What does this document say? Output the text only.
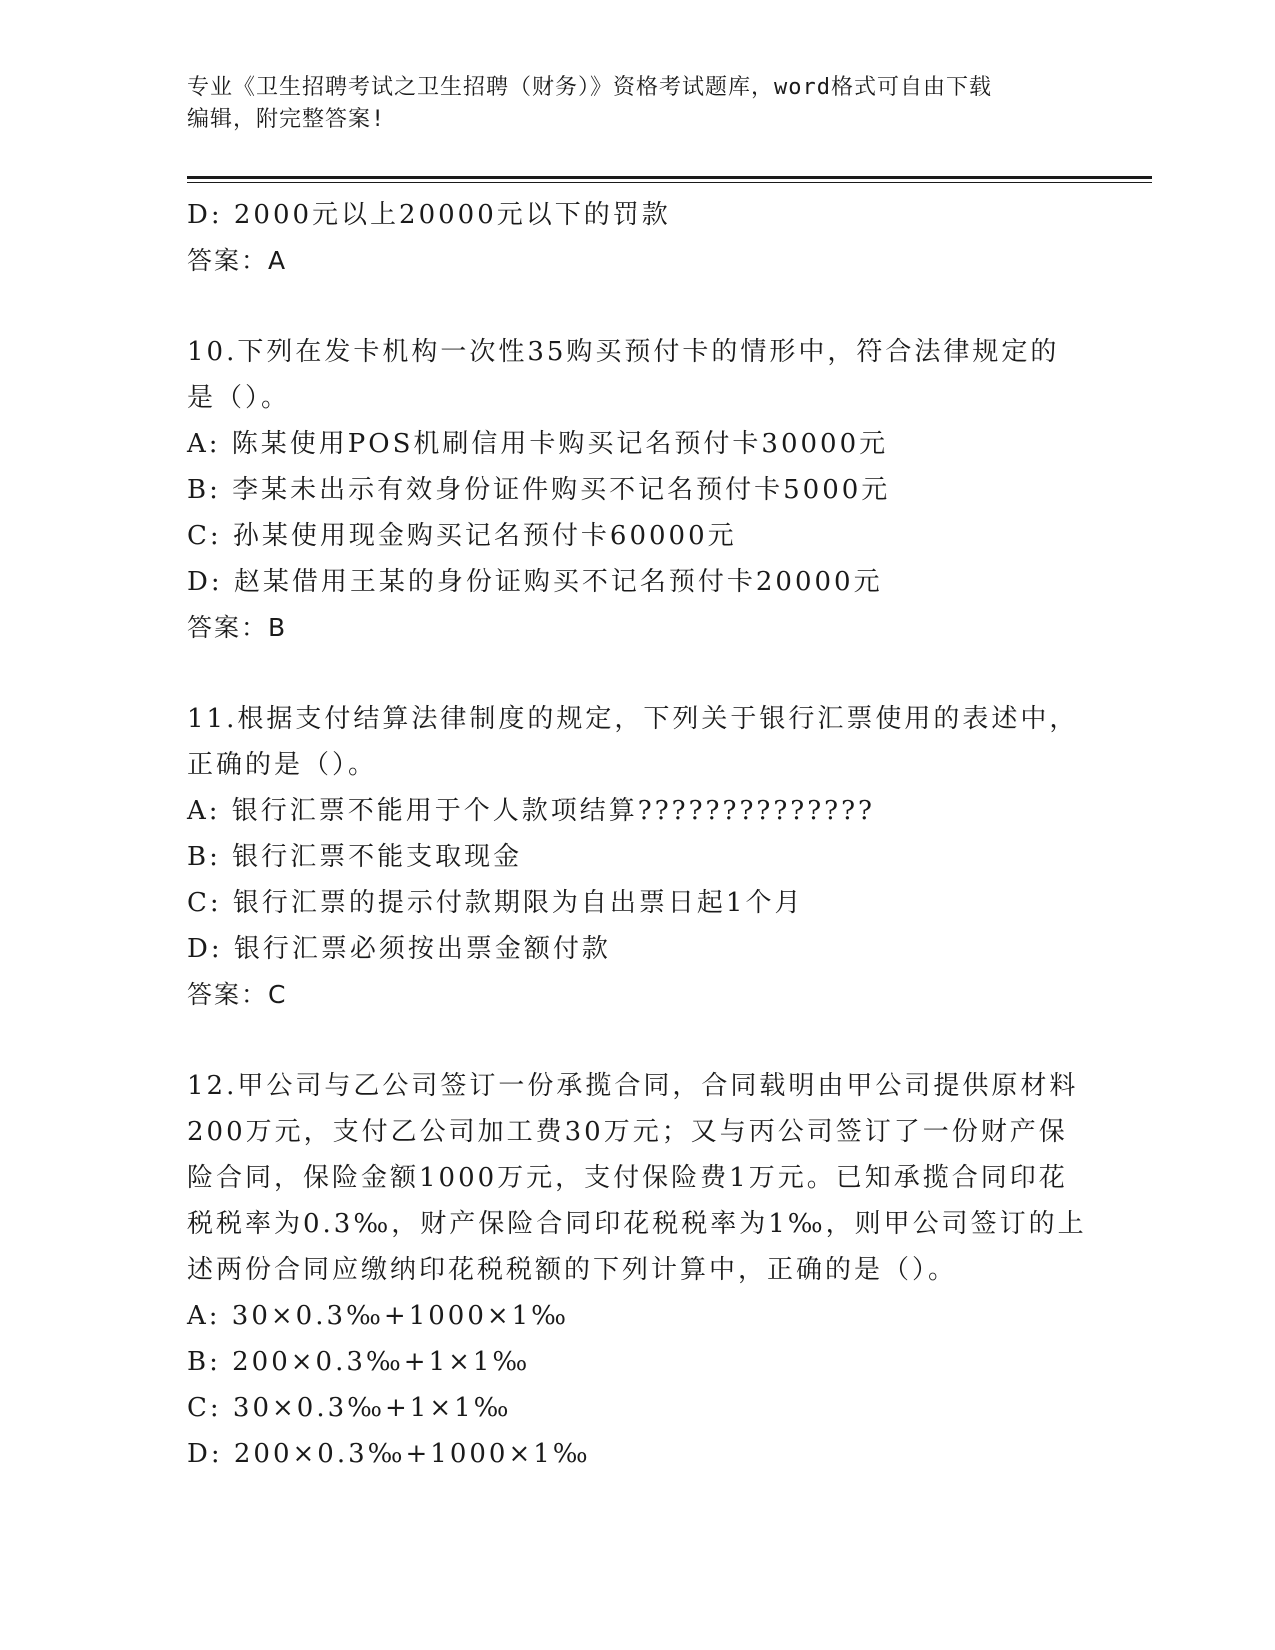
专业《卫生招聘考试之卫生招聘（财务）》资格考试题库，word格式可自由下载
编辑，附完整答案!
D: 2000元以上20000元以下的罚款
答案：A
10.下列在发卡机构一次性35购买预付卡的情形中，符合法律规定的
是（）。
A: 陈某使用POS机刷信用卡购买记名预付卡30000元
B: 李某未出示有效身份证件购买不记名预付卡5000元
C: 孙某使用现金购买记名预付卡60000元
D: 赵某借用王某的身份证购买不记名预付卡20000元
答案：B
11.根据支付结算法律制度的规定，下列关于银行汇票使用的表述中，
正确的是（）。
A: 银行汇票不能用于个人款项结算??????????????
B: 银行汇票不能支取现金
C: 银行汇票的提示付款期限为自出票日起1个月
D: 银行汇票必须按出票金额付款
答案：C
12.甲公司与乙公司签订一份承揽合同，合同载明由甲公司提供原材料
200万元，支付乙公司加工费30万元；又与丙公司签订了一份财产保
险合同，保险金额1000万元，支付保险费1万元。已知承揽合同印花
税税率为0.3‰，财产保险合同印花税税率为1‰，则甲公司签订的上
述两份合同应缴纳印花税税额的下列计算中，正确的是（）。
A: 30×0.3‰+1000×1‰
B: 200×0.3‰+1×1‰
C: 30×0.3‰+1×1‰
D: 200×0.3‰+1000×1‰
